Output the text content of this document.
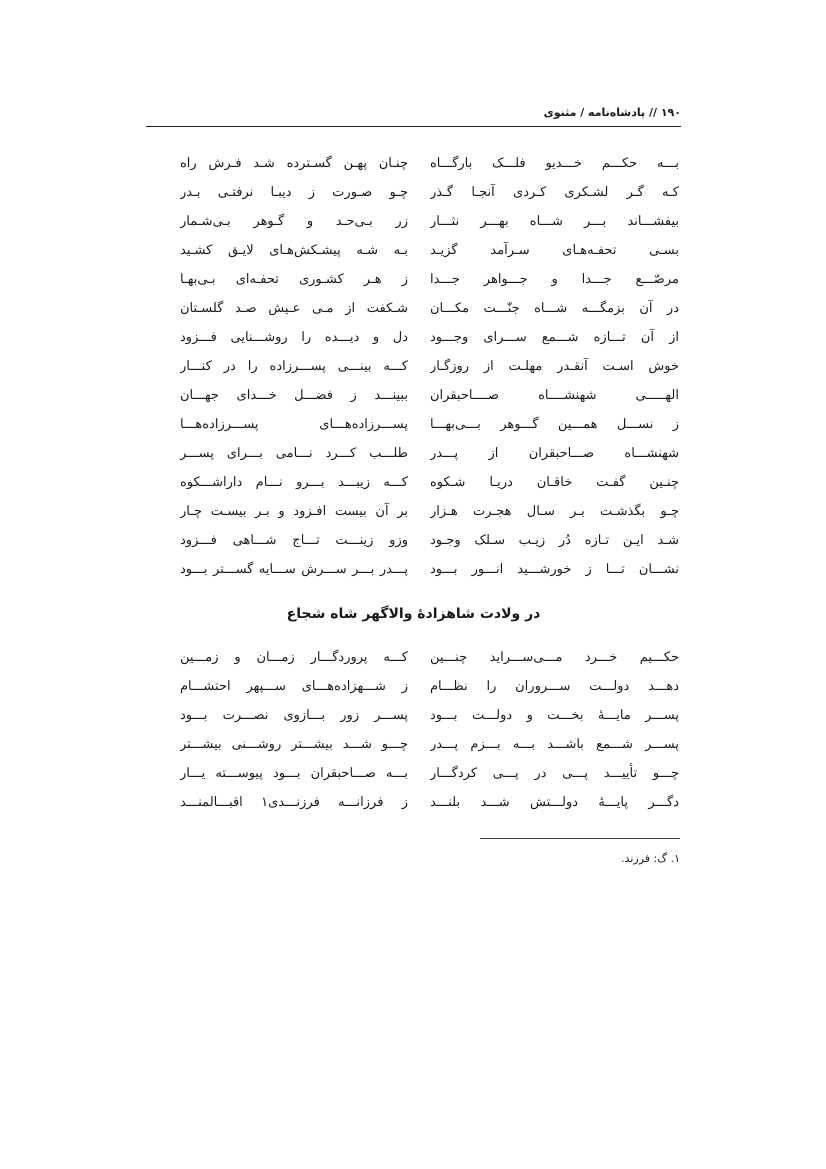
۱۹۰ // پادشاه‌نامه / مثنوی
بـــه حکـــم خـــدیو فلـــک بارگـــاه
چنـان پهـن گسـترده شـد فـرش راه
کـه گـر لشـکری کـردی آنجـا گـذر
چـو صـورت ز دیبـا نرفتـی بـدر
بیفشـــاند بـــر شـــاه بهـــر نثـــار
زر بـی‌حـد و گـوهر بـی‌شـمار
بسـی تحفـه‌هـای سـرآمد گزیـد
بـه شـه پیشـکش‌هـای لایـق کشـید
مرصّـــع جـــدا و جـــواهر جـــدا
ز هـر کشـوری تحفـه‌ای بـی‌بهـا
در آن بزمگـــه شـــاه جنّـــت مکـــان
شـکفت از مـی عـیش صـد گلسـتان
از آن تـــازه شـــمع ســـرای وجـــود
دل و دیـــده را روشـــنایی فـــزود
خوش اسـت آنقـدر مهلـت از روزگـار
کـــه بینـــی پســـرزاده را در کنـــار
الهـــــی شهنشــــاه صــــاحبقران
ببینـــد ز فضـــل خـــدای جهـــان
ز نســـل همـــین گـــوهر بـــی‌بهـــا
پســـرزاده‌هـــای پســـرزاده‌هـــا
شهنشـــاه صـــاحبقران از پـــدر
طلـــب کـــرد نـــامی بـــرای پســـر
چنـین گفـت خاقـان دریـا شـکوه
کـــه زیبـــد بـــرو نـــام داراشـــکوه
چـو بگذشـت بـر سـال هجـرت هـزار
بر آن بیست افـزود و بـر بیسـت چـار
شـد ایـن تـازه دُر زیـب سـلک وجـود
وزو زینـــت تـــاج شـــاهی فـــزود
نشـــان تـــا ز خورشـــید انـــور بـــود
پـــدر بـــر ســـرش ســـایه گســـتر بـــود
در ولادت شاهزادهٔ والاگهر شاه شجاع
حکـــیم خـــرد مـــی‌ســـراید چنـــین
کـــه پروردگـــار زمـــان و زمـــین
دهـــد دولـــت ســـروران را نظـــام
ز شـــهزاده‌هـــای ســـپهر احتشـــام
پســـر مایـــهٔ بخـــت و دولـــت بـــود
پســـر زور بـــازوی نصـــرت بـــود
پســـر شـــمع باشـــد بـــه بـــزم پـــدر
چـــو شـــد بیشـــتر روشـــنی بیشـــتر
چـــو تأییـــد پـــی در پـــی کردگـــار
بـــه صـــاحبقران بـــود پیوســـته یـــار
دگـــر پایـــهٔ دولـــتش شـــد بلنـــد
ز فرزانـــه فرزنـــدی۱ اقبـــالمنـــد
۱. گ: فرزند.
